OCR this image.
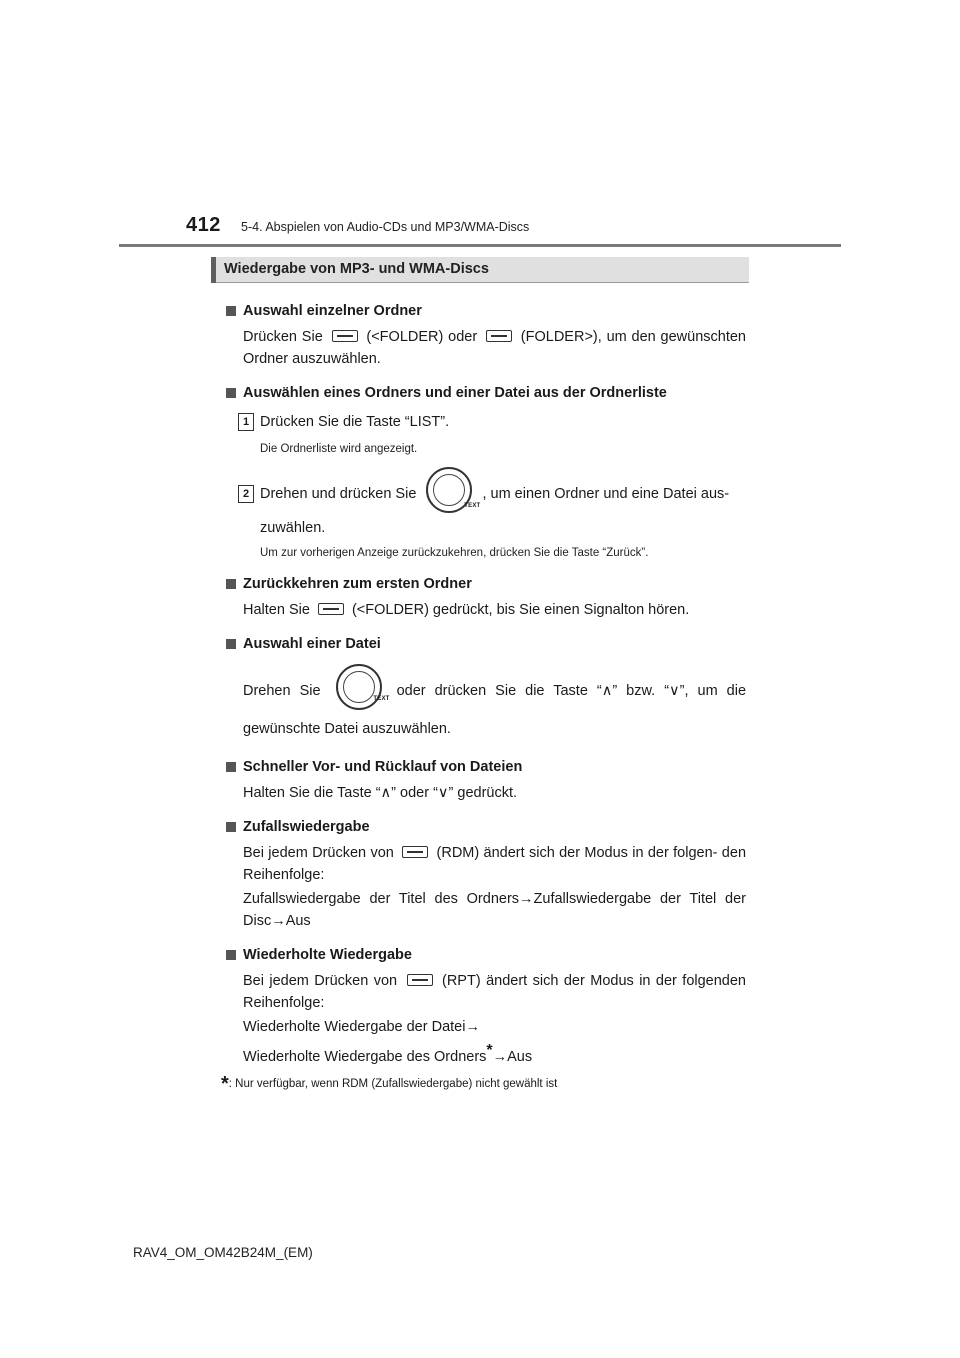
412 5-4. Abspielen von Audio-CDs und MP3/WMA-Discs
Wiedergabe von MP3- und WMA-Discs
Auswahl einzelner Ordner
Drücken Sie	(<FOLDER) oder	(FOLDER>), um den gewünschten Ordner auszuwählen.
Auswählen eines Ordners und einer Datei aus der Ordnerliste
1 Drücken Sie die Taste “LIST”.
Die Ordnerliste wird angezeigt.
2 Drehen und drücken Sie
TEXT
, um einen Ordner und eine Datei aus- zuwählen.
Um zur vorherigen Anzeige zurückzukehren, drücken Sie die Taste “Zurück”.
Zurückkehren zum ersten Ordner
Halten Sie	(<FOLDER) gedrückt, bis Sie einen Signalton hören.
Auswahl einer Datei
Drehen Sie
TEXT
oder drücken Sie die Taste “∧” bzw. “∨”, um die gewünschte Datei auszuwählen.
Schneller Vor- und Rücklauf von Dateien
Halten Sie die Taste “∧” oder “∨” gedrückt.
Zufallswiedergabe
Bei jedem Drücken von	(RDM) ändert sich der Modus in der folgen- den Reihenfolge:
Zufallswiedergabe der Titel des Ordners→Zufallswiedergabe der Titel der Disc→Aus
Wiederholte Wiedergabe
Bei jedem Drücken von	(RPT) ändert sich der Modus in der folgenden Reihenfolge:
Wiederholte Wiedergabe der Datei→
Wiederholte Wiedergabe des Ordners*→Aus
*: Nur verfügbar, wenn RDM (Zufallswiedergabe) nicht gewählt ist
RAV4_OM_OM42B24M_(EM)
